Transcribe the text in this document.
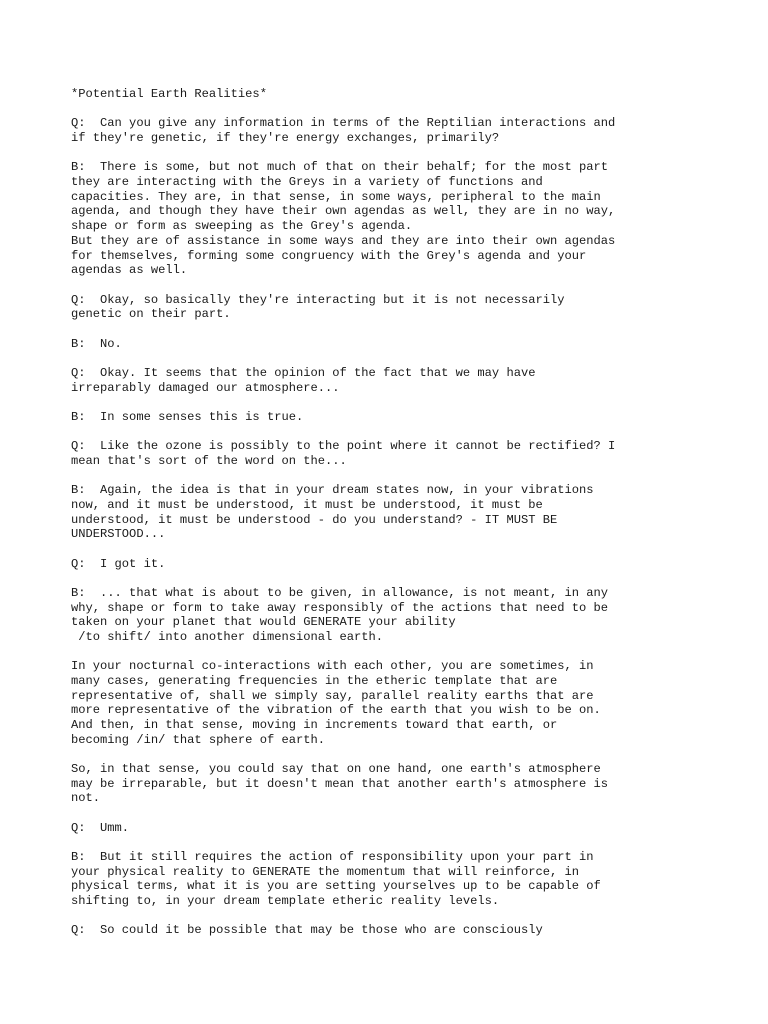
*Potential Earth Realities*
Q:  Can you give any information in terms of the Reptilian interactions and
if they're genetic, if they're energy exchanges, primarily?
B:  There is some, but not much of that on their behalf; for the most part
they are interacting with the Greys in a variety of functions and
capacities. They are, in that sense, in some ways, peripheral to the main
agenda, and though they have their own agendas as well, they are in no way,
shape or form as sweeping as the Grey's agenda.
But they are of assistance in some ways and they are into their own agendas
for themselves, forming some congruency with the Grey's agenda and your
agendas as well.
Q:  Okay, so basically they're interacting but it is not necessarily
genetic on their part.
B:  No.
Q:  Okay. It seems that the opinion of the fact that we may have
irreparably damaged our atmosphere...
B:  In some senses this is true.
Q:  Like the ozone is possibly to the point where it cannot be rectified? I
mean that's sort of the word on the...
B:  Again, the idea is that in your dream states now, in your vibrations
now, and it must be understood, it must be understood, it must be
understood, it must be understood - do you understand? - IT MUST BE
UNDERSTOOD...
Q:  I got it.
B:  ... that what is about to be given, in allowance, is not meant, in any
why, shape or form to take away responsibly of the actions that need to be
taken on your planet that would GENERATE your ability
/to shift/ into another dimensional earth.
In your nocturnal co-interactions with each other, you are sometimes, in
many cases, generating frequencies in the etheric template that are
representative of, shall we simply say, parallel reality earths that are
more representative of the vibration of the earth that you wish to be on.
And then, in that sense, moving in increments toward that earth, or
becoming /in/ that sphere of earth.
So, in that sense, you could say that on one hand, one earth's atmosphere
may be irreparable, but it doesn't mean that another earth's atmosphere is
not.
Q:  Umm.
B:  But it still requires the action of responsibility upon your part in
your physical reality to GENERATE the momentum that will reinforce, in
physical terms, what it is you are setting yourselves up to be capable of
shifting to, in your dream template etheric reality levels.
Q:  So could it be possible that may be those who are consciously
